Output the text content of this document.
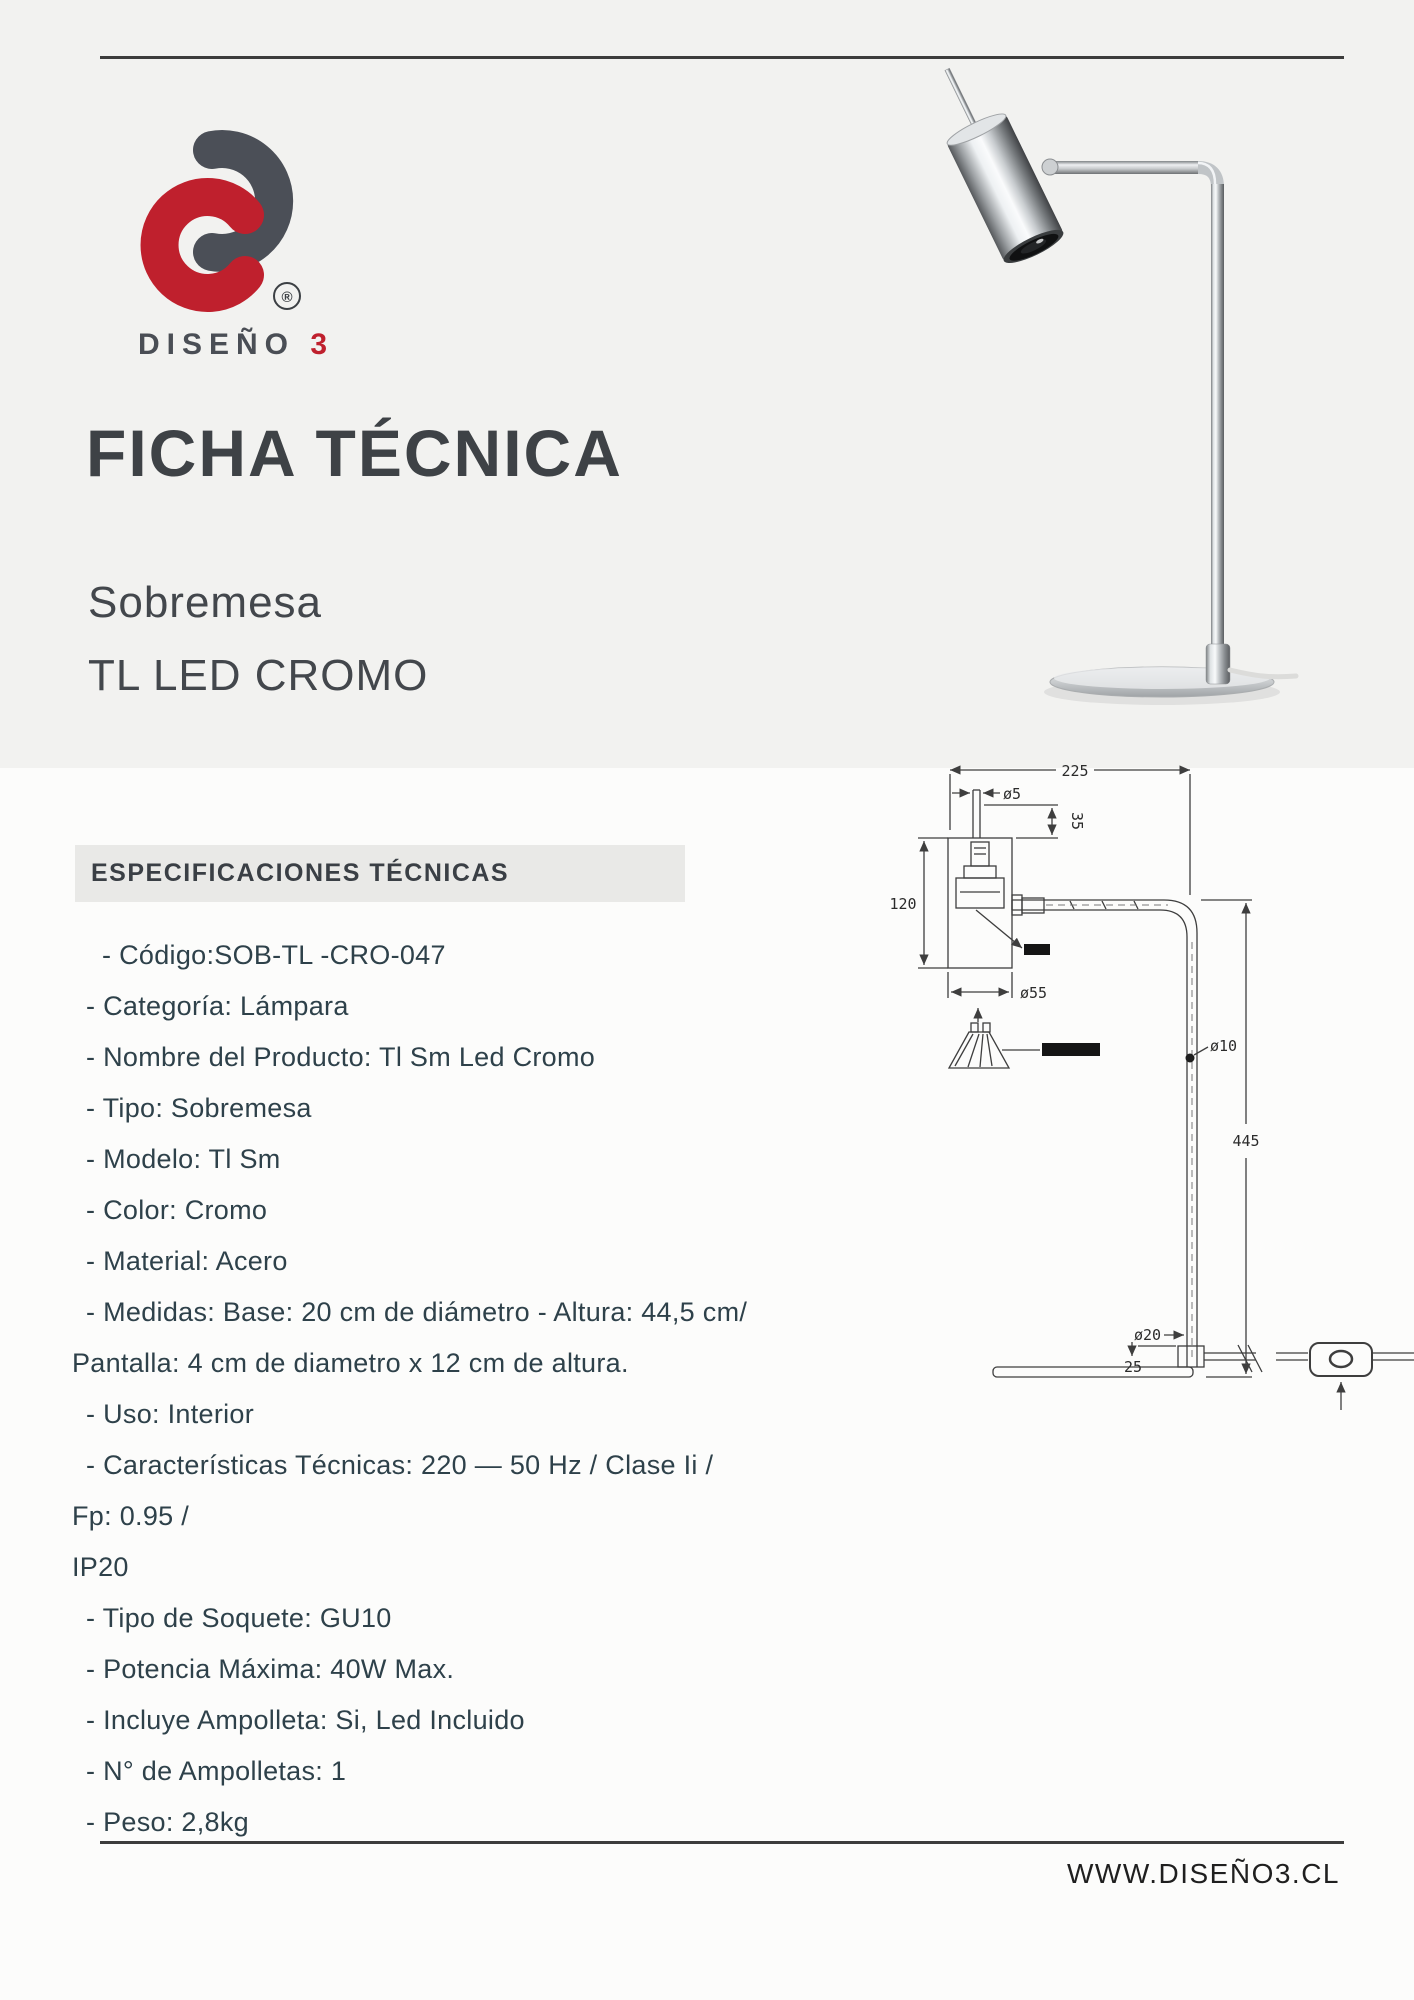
®
DISEÑO 3
FICHA TÉCNICA
Sobremesa
TL LED CROMO
ESPECIFICACIONES TÉCNICAS

- Código:SOB-TL -CRO-047

- Categoría: Lámpara

- Nombre del Producto: Tl Sm Led Cromo

- Tipo: Sobremesa

- Modelo: Tl Sm

- Color: Cromo

- Material: Acero

- Medidas: Base: 20 cm de diámetro - Altura: 44,5 cm/

Pantalla: 4 cm de diametro x 12 cm de altura.

- Uso: Interior

- Características Técnicas: 220 — 50 Hz / Clase Ii / Fp: 0.95 /

IP20

- Tipo de Soquete: GU10

- Potencia Máxima: 40W Max.

- Incluye Ampolleta: Si, Led Incluido

- N° de Ampolletas: 1

- Peso: 2,8kg

225
ø5
35
120
ø55
ø10
445
ø20
25
WWW.DISEÑO3.CL
